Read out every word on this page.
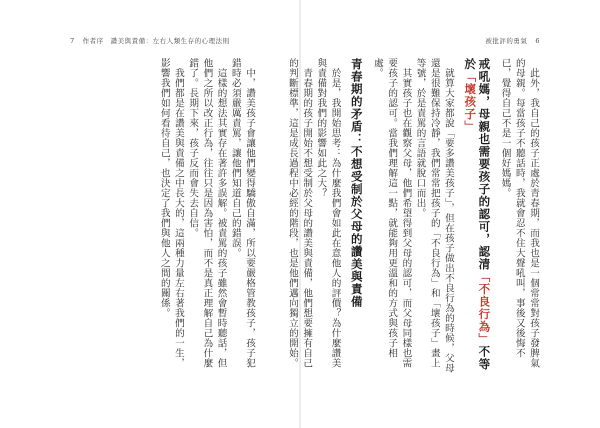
7 作者序　讚美與責備：左右人類生存的心理法則

中，讚美孩子會讓他們變得驕傲自滿，所以要嚴格管教孩子，孩子犯錯時必須嚴厲責罵，讓他們知道自己的錯誤。

這樣的想法其實存在著許多誤解。被責罵的孩子雖然會暫時聽話，但他們之所以改正行為，往往只是因為害怕，而不是真正理解自己為什麼錯了。長期下來，孩子反而會失去自信。

我們都是在讚美與責備之中長大的，這兩種力量左右著我們的一生，影響我們如何看待自己，也決定了我們與他人之間的關係。

被批評的勇氣 6

此外，我自己的孩子正處於青春期，而我也是一個常常對孩子發脾氣的母親。每當孩子不聽話時，我就會忍不住大聲吼叫，事後又後悔不已，覺得自己不是一個好媽媽。

戒吼媽，母親也需要孩子的認可，認清「不良行為」不等於「壞孩子」

就算大家都說「要多讚美孩子」，但在孩子做出不良行為的時候，父母還是很難保持冷靜，我們常常把孩子的「不良行為」和「壞孩子」畫上等號，於是責罵的言語就脫口而出。

其實孩子也在觀察父母，他們希望得到父母的認可，而父母同樣也需要孩子的認可。當我們理解這一點，就能夠用更溫和的方式與孩子相處。

青春期的矛盾：不想受制於父母的讚美與責備

於是，我開始思考：為什麼我們會如此在意他人的評價？為什麼讚美與責備對我們的影響如此之大？

青春期的孩子開始不想受制於父母的讚美與責備，他們想要擁有自己的判斷標準，這是成長過程中必經的階段，也是他們邁向獨立的開始。
